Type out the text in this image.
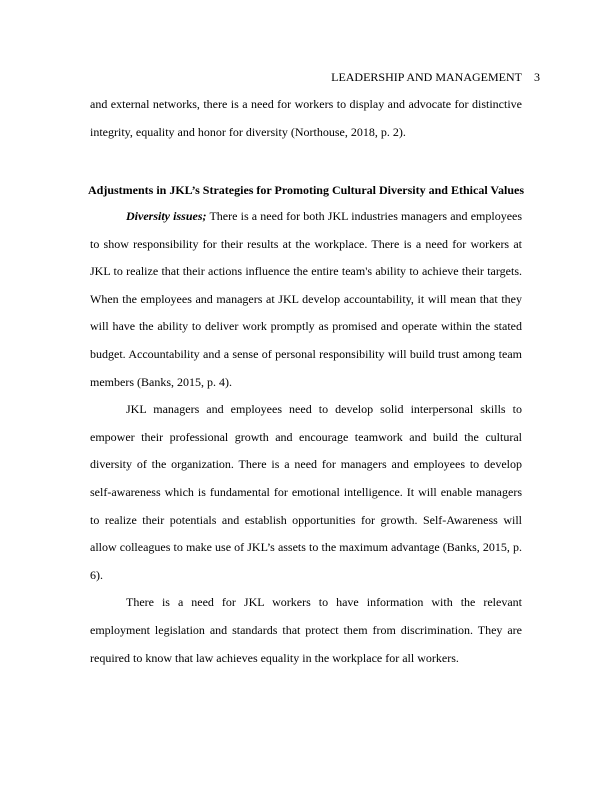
LEADERSHIP AND MANAGEMENT 3

and external networks, there is a need for workers to display and advocate for distinctive integrity, equality and honor for diversity (Northouse, 2018, p. 2).

Adjustments in JKL’s Strategies for Promoting Cultural Diversity and Ethical Values

Diversity issues; There is a need for both JKL industries managers and employees to show responsibility for their results at the workplace. There is a need for workers at JKL to realize that their actions influence the entire team's ability to achieve their targets. When the employees and managers at JKL develop accountability, it will mean that they will have the ability to deliver work promptly as promised and operate within the stated budget. Accountability and a sense of personal responsibility will build trust among team members (Banks, 2015, p. 4).

JKL managers and employees need to develop solid interpersonal skills to empower their professional growth and encourage teamwork and build the cultural diversity of the organization. There is a need for managers and employees to develop self-awareness which is fundamental for emotional intelligence. It will enable managers to realize their potentials and establish opportunities for growth. Self-Awareness will allow colleagues to make use of JKL’s assets to the maximum advantage (Banks, 2015, p. 6).

There is a need for JKL workers to have information with the relevant employment legislation and standards that protect them from discrimination. They are required to know that law achieves equality in the workplace for all workers.
